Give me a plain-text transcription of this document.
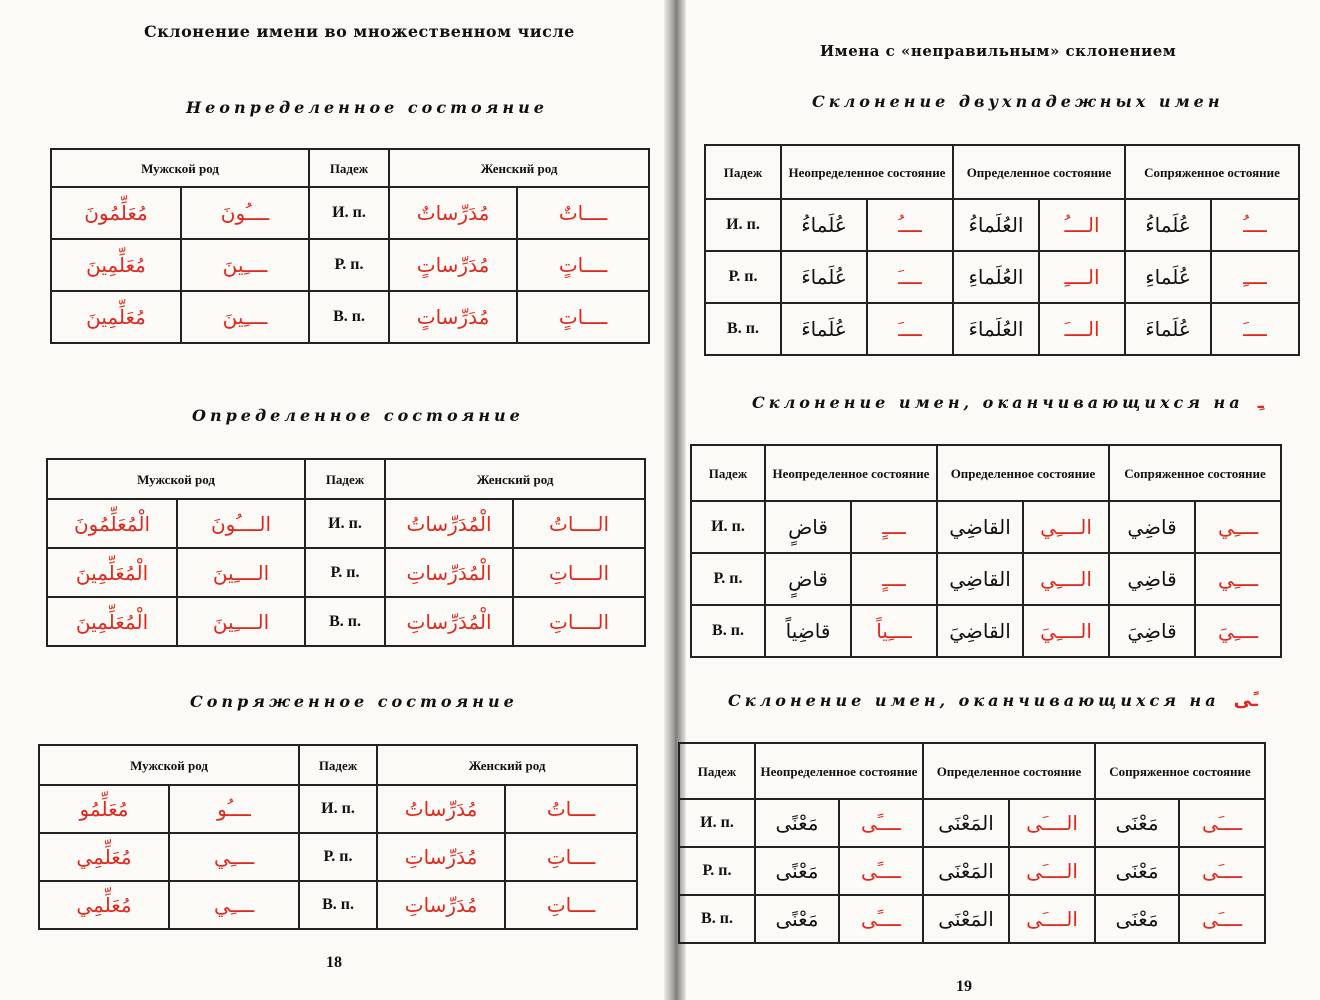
Склонение имени во множественном числе
Неопределенное состояние
Мужской род		Падеж	Женский род	
مُعَلِّمُونَ	ــــُونَ	И. п.	مُدَرِّساتٌ	ــــاتٌ
مُعَلِّمِينَ	ــــِينَ	Р. п.	مُدَرِّساتٍ	ــــاتٍ
مُعَلِّمِينَ	ــــِينَ	В. п.	مُدَرِّساتٍ	ــــاتٍ
Определенное состояние
Мужской род		Падеж	Женский род	
الْمُعَلِّمُونَ	الــــُونَ	И. п.	الْمُدَرِّساتُ	الــــاتُ
الْمُعَلِّمِينَ	الــــِينَ	Р. п.	الْمُدَرِّساتِ	الــــاتِ
الْمُعَلِّمِينَ	الــــِينَ	В. п.	الْمُدَرِّساتِ	الــــاتِ
Сопряженное состояние
Мужской род		Падеж	Женский род	
مُعَلِّمُو	ــــُو	И. п.	مُدَرِّساتُ	ــــاتُ
مُعَلِّمِي	ــــِي	Р. п.	مُدَرِّساتِ	ــــاتِ
مُعَلِّمِي	ــــِي	В. п.	مُدَرِّساتِ	ــــاتِ
18
Имена с «неправильным» склонением
Склонение двухпадежных имен
Падеж	Неопределенное состояние		Определенное состояние		Сопряженное остояние	
И. п.	عُلَماءُ	ــــُ	العُلَماءُ	الــــُ	عُلَماءُ	ــــُ
Р. п.	عُلَماءَ	ــــَ	العُلَماءِ	الــــِ	عُلَماءِ	ــــِ
В. п.	عُلَماءَ	ــــَ	العُلَماءَ	الــــَ	عُلَماءَ	ــــَ
Склонение имен, оканчивающихся на ـِ
Падеж	Неопределенное состояние		Определенное состояние		Сопряженное состояние	
И. п.	قاضٍ	ــــٍ	القاضِي	الــــِي	قاضِي	ــــِي
Р. п.	قاضٍ	ــــٍ	القاضِي	الــــِي	قاضِي	ــــِي
В. п.	قاضِياً	ــــِياً	القاضِيَ	الــــِيَ	قاضِيَ	ــــِيَ
Склонение имен, оканчивающихся на ـًى
Падеж	Неопределенное состояние		Определенное состояние		Сопряженное состояние	
И. п.	مَعْنًى	ــــًى	المَعْنَى	الــــَى	مَعْنَى	ــــَى
Р. п.	مَعْنًى	ــــًى	المَعْنَى	الــــَى	مَعْنَى	ــــَى
В. п.	مَعْنًى	ــــًى	المَعْنَى	الــــَى	مَعْنَى	ــــَى
19
